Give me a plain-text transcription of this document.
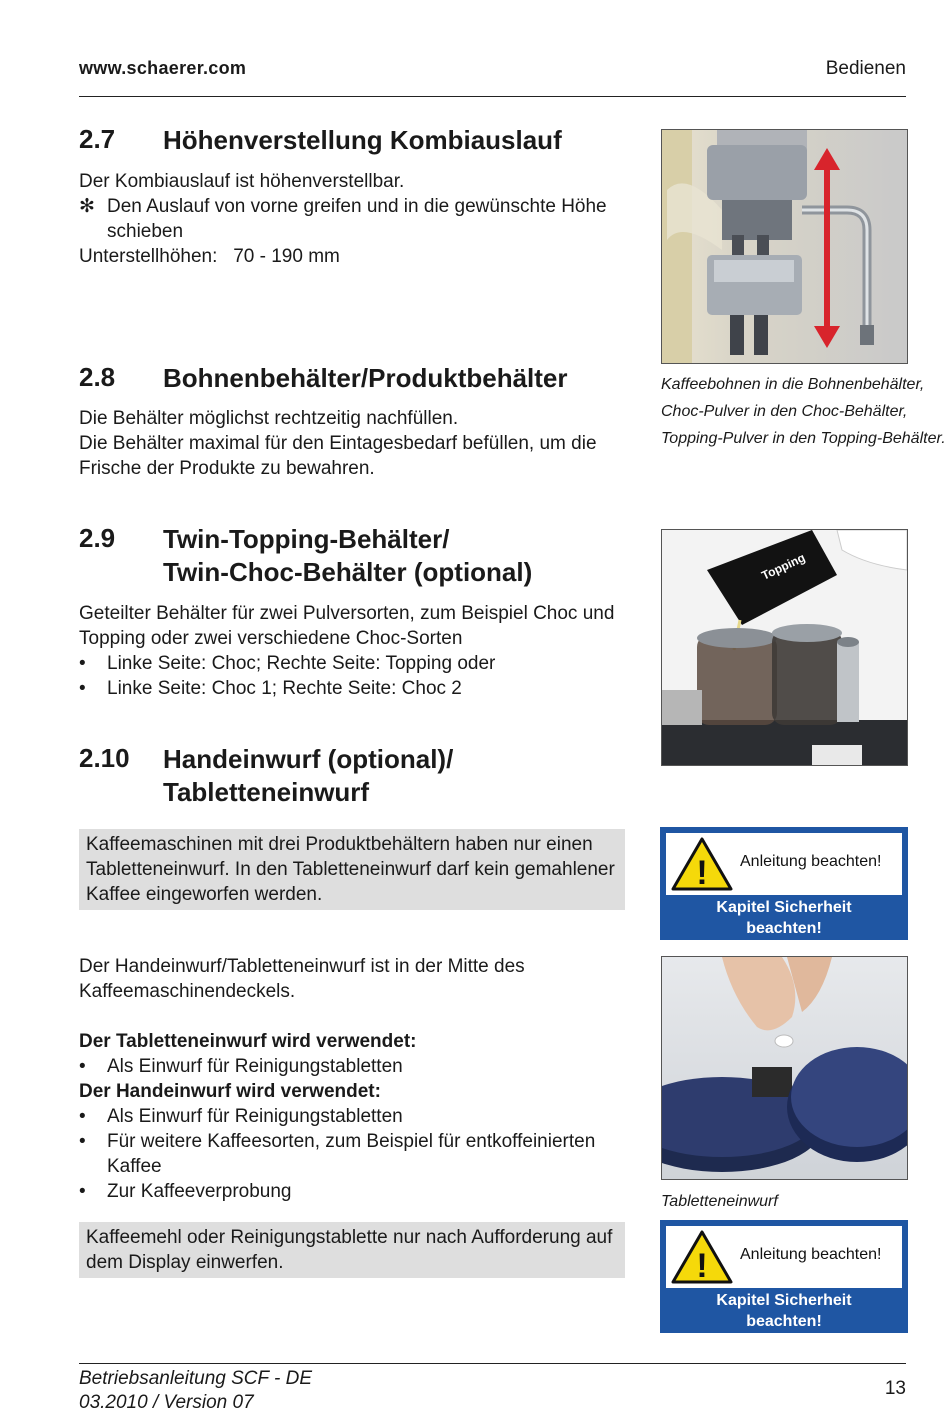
www.schaerer.com	Bedienen
2.7 Höhenverstellung Kombiauslauf

Der Kombiauslauf ist höhenverstellbar.

✻ Den Auslauf von vorne greifen und in die gewünschte Höhe schieben

Unterstellhöhen: 70 - 190 mm

2.8 Bohnenbehälter/Produktbehälter

Die Behälter möglichst rechtzeitig nachfüllen.

Die Behälter maximal für den Eintagesbedarf befüllen, um die Frische der Produkte zu bewahren.

2.9 Twin-Topping-Behälter/
Twin-Choc-Behälter (optional)

Geteilter Behälter für zwei Pulversorten, zum Beispiel Choc und Topping oder zwei verschiedene Choc-Sorten

•	Linke Seite: Choc; Rechte Seite: Topping oder

•	Linke Seite: Choc 1; Rechte Seite: Choc 2

2.10 Handeinwurf (optional)/
Tabletteneinwurf
Kaffeemaschinen mit drei Produktbehältern haben nur einen Tabletteneinwurf. In den Tabletteneinwurf darf kein gemahlener Kaffee eingeworfen werden.

Der Handeinwurf/Tabletteneinwurf ist in der Mitte des Kaffeemaschinendeckels.

Der Tabletteneinwurf wird verwendet:

•	Als Einwurf für Reinigungstabletten

Der Handeinwurf wird verwendet:

•	Als Einwurf für Reinigungstabletten

•	Für weitere Kaffeesorten, zum Beispiel für entkoffeinierten Kaffee

•	Zur Kaffeeverprobung

Kaffeemehl oder Reinigungstablette nur nach Aufforderung auf dem Display einwerfen.

Kaffeebohnen in die Bohnenbehälter,

Choc-Pulver in den Choc-Behälter,

Topping-Pulver in den Topping-Behälter.

Topping
! Anleitung beachten!
Kapitel Sicherheit
beachten!
Tabletteneinwurf
! Anleitung beachten!
Kapitel Sicherheit
beachten!
Betriebsanleitung SCF - DE
03.2010 / Version 07
13
